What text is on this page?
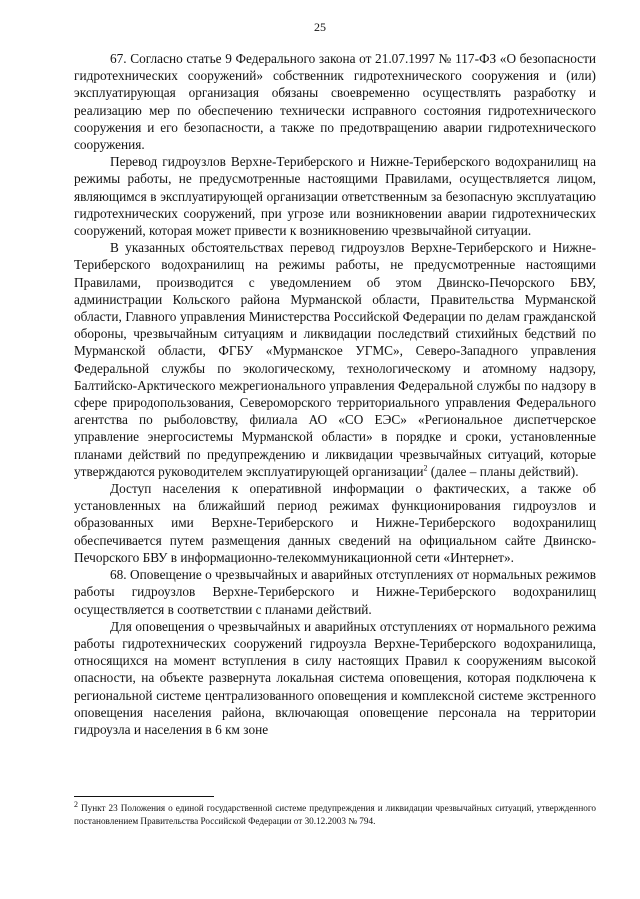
25

67. Согласно статье 9 Федерального закона от 21.07.1997 № 117-ФЗ «О безопасности гидротехнических сооружений» собственник гидротехнического сооружения и (или) эксплуатирующая организация обязаны своевременно осуществлять разработку и реализацию мер по обеспечению технически исправного состояния гидротехнического сооружения и его безопасности, а также по предотвращению аварии гидротехнического сооружения.

Перевод гидроузлов Верхне-Териберского и Нижне-Териберского водохранилищ на режимы работы, не предусмотренные настоящими Правилами, осуществляется лицом, являющимся в эксплуатирующей организации ответственным за безопасную эксплуатацию гидротехнических сооружений, при угрозе или возникновении аварии гидротехнических сооружений, которая может привести к возникновению чрезвычайной ситуации.

В указанных обстоятельствах перевод гидроузлов Верхне-Териберского и Нижне-Териберского водохранилищ на режимы работы, не предусмотренные настоящими Правилами, производится с уведомлением об этом Двинско-Печорского БВУ, администрации Кольского района Мурманской области, Правительства Мурманской области, Главного управления Министерства Российской Федерации по делам гражданской обороны, чрезвычайным ситуациям и ликвидации последствий стихийных бедствий по Мурманской области, ФГБУ «Мурманское УГМС», Северо-Западного управления Федеральной службы по экологическому, технологическому и атомному надзору, Балтийско-Арктического межрегионального управления Федеральной службы по надзору в сфере природопользования, Североморского территориального управления Федерального агентства по рыболовству, филиала АО «СО ЕЭС» «Региональное диспетчерское управление энергосистемы Мурманской области» в порядке и сроки, установленные планами действий по предупреждению и ликвидации чрезвычайных ситуаций, которые утверждаются руководителем эксплуатирующей организации$^2$ (далее – планы действий).

Доступ населения к оперативной информации о фактических, а также об установленных на ближайший период режимах функционирования гидроузлов и образованных ими Верхне-Териберского и Нижне-Териберского водохранилищ обеспечивается путем размещения данных сведений на официальном сайте Двинско-Печорского БВУ в информационно-телекоммуникационной сети «Интернет».

68. Оповещение о чрезвычайных и аварийных отступлениях от нормальных режимов работы гидроузлов Верхне-Териберского и Нижне-Териберского водохранилищ осуществляется в соответствии с планами действий.

Для оповещения о чрезвычайных и аварийных отступлениях от нормального режима работы гидротехнических сооружений гидроузла Верхне-Териберского водохранилища, относящихся на момент вступления в силу настоящих Правил к сооружениям высокой опасности, на объекте развернута локальная система оповещения, которая подключена к региональной системе централизованного оповещения и комплексной системе экстренного оповещения населения района, включающая оповещение персонала на территории гидроузла и населения в 6 км зоне

$^2$ Пункт 23 Положения о единой государственной системе предупреждения и ликвидации чрезвычайных ситуаций, утвержденного постановлением Правительства Российской Федерации от 30.12.2003 № 794.
